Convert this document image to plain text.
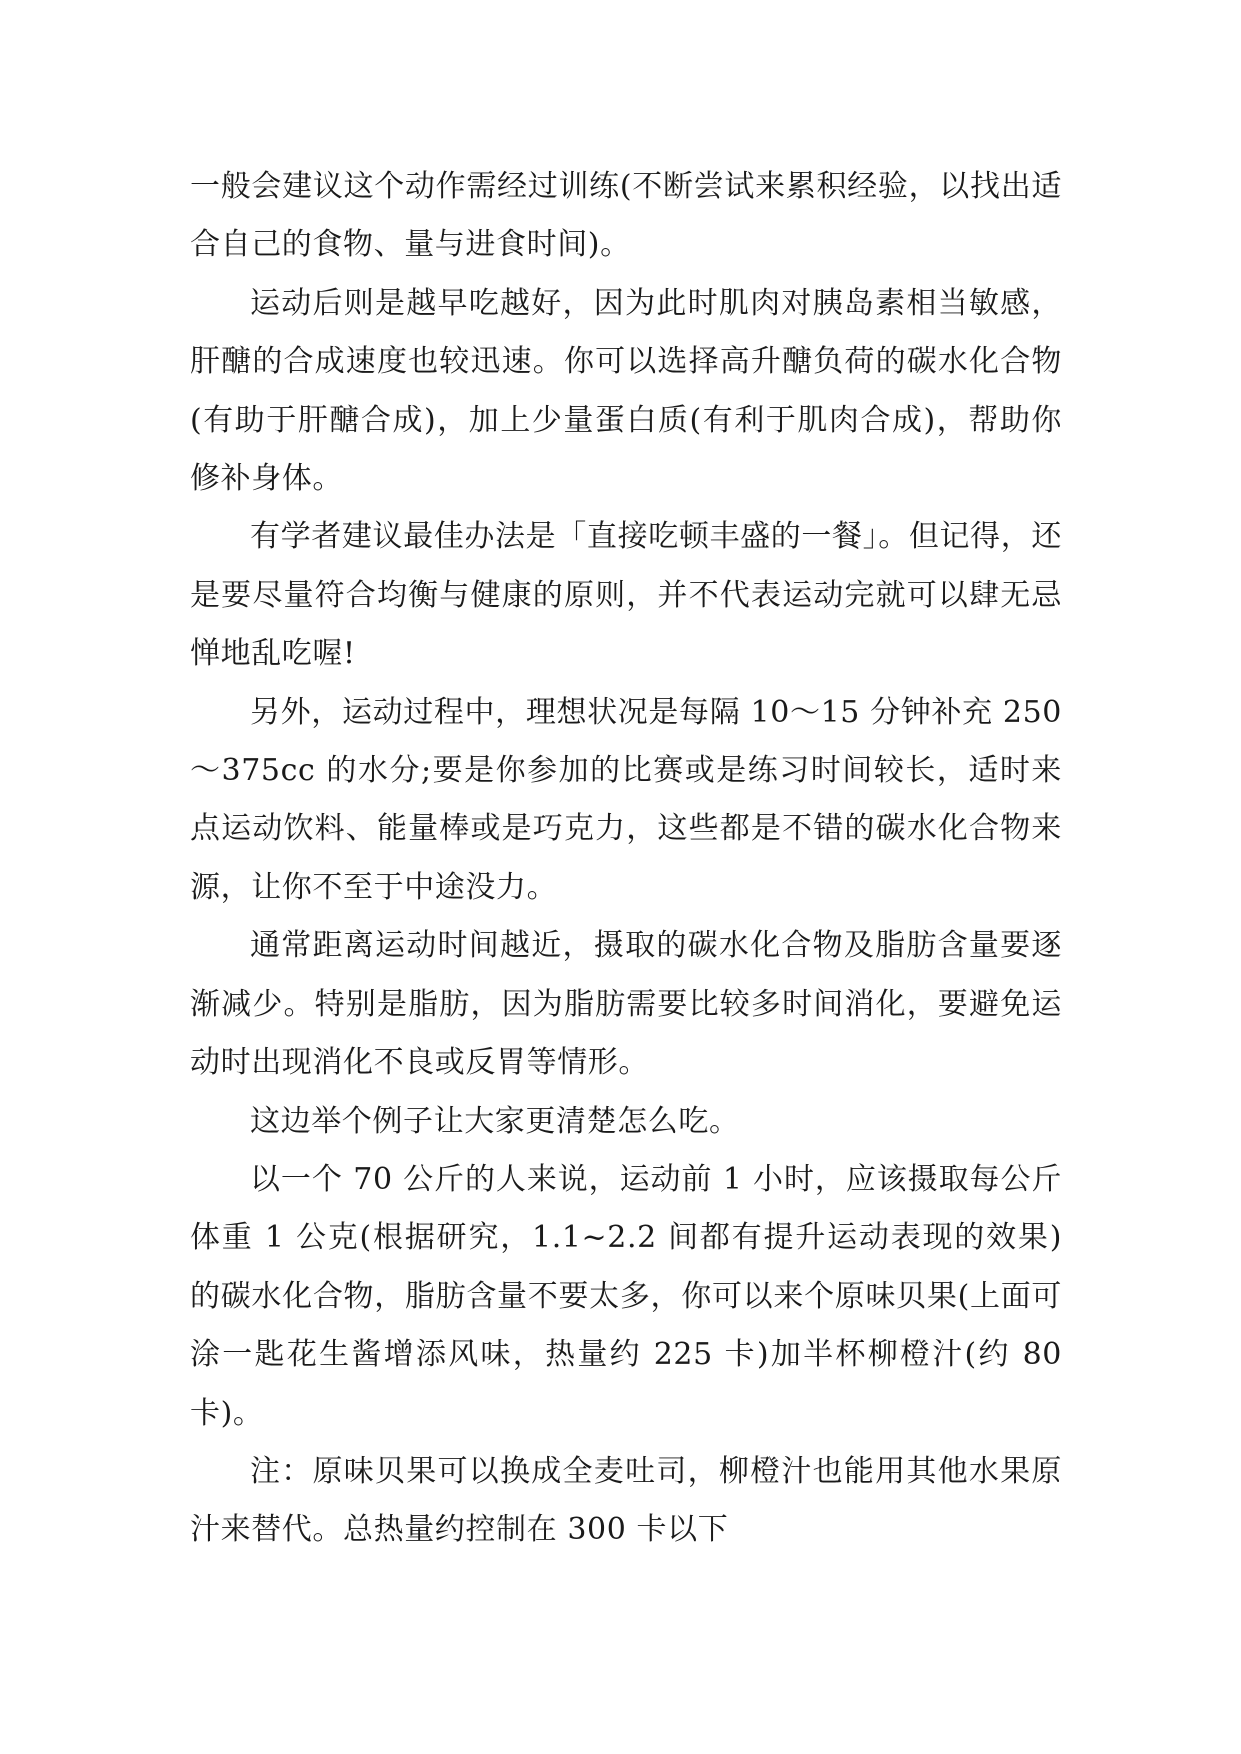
一般会建议这个动作需经过训练(不断尝试来累积经验，以找出适合自己的食物、量与进食时间)。

运动后则是越早吃越好，因为此时肌肉对胰岛素相当敏感，肝醣的合成速度也较迅速。你可以选择高升醣负荷的碳水化合物(有助于肝醣合成)，加上少量蛋白质(有利于肌肉合成)，帮助你修补身体。

有学者建议最佳办法是「直接吃顿丰盛的一餐」。但记得，还是要尽量符合均衡与健康的原则，并不代表运动完就可以肆无忌惮地乱吃喔!

另外，运动过程中，理想状况是每隔 10～15 分钟补充 250～375cc 的水分;要是你参加的比赛或是练习时间较长，适时来点运动饮料、能量棒或是巧克力，这些都是不错的碳水化合物来源，让你不至于中途没力。

通常距离运动时间越近，摄取的碳水化合物及脂肪含量要逐渐减少。特别是脂肪，因为脂肪需要比较多时间消化，要避免运动时出现消化不良或反胃等情形。

这边举个例子让大家更清楚怎么吃。

以一个 70 公斤的人来说，运动前 1 小时，应该摄取每公斤体重 1 公克(根据研究，1.1~2.2 间都有提升运动表现的效果)的碳水化合物，脂肪含量不要太多，你可以来个原味贝果(上面可涂一匙花生酱增添风味，热量约 225 卡)加半杯柳橙汁(约 80 卡)。

注：原味贝果可以换成全麦吐司，柳橙汁也能用其他水果原汁来替代。总热量约控制在 300 卡以下
